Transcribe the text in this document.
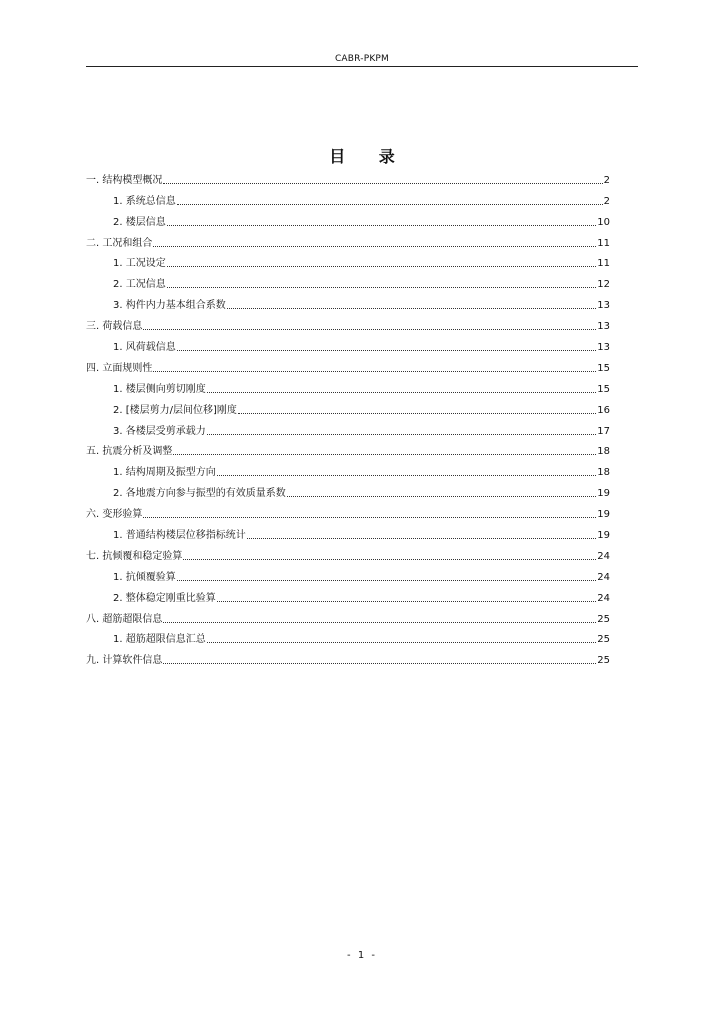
CABR-PKPM
目 录
一. 结构模型概况	2
1. 系统总信息	2
2. 楼层信息	10
二. 工况和组合	11
1. 工况设定	11
2. 工况信息	12
3. 构件内力基本组合系数	13
三. 荷载信息	13
1. 风荷载信息	13
四. 立面规则性	15
1. 楼层侧向剪切刚度	15
2. [楼层剪力/层间位移]刚度	16
3. 各楼层受剪承载力	17
五. 抗震分析及调整	18
1. 结构周期及振型方向	18
2. 各地震方向参与振型的有效质量系数	19
六. 变形验算	19
1. 普通结构楼层位移指标统计	19
七. 抗倾覆和稳定验算	24
1. 抗倾覆验算	24
2. 整体稳定刚重比验算	24
八. 超筋超限信息	25
1. 超筋超限信息汇总	25
九. 计算软件信息	25
- 1 -
